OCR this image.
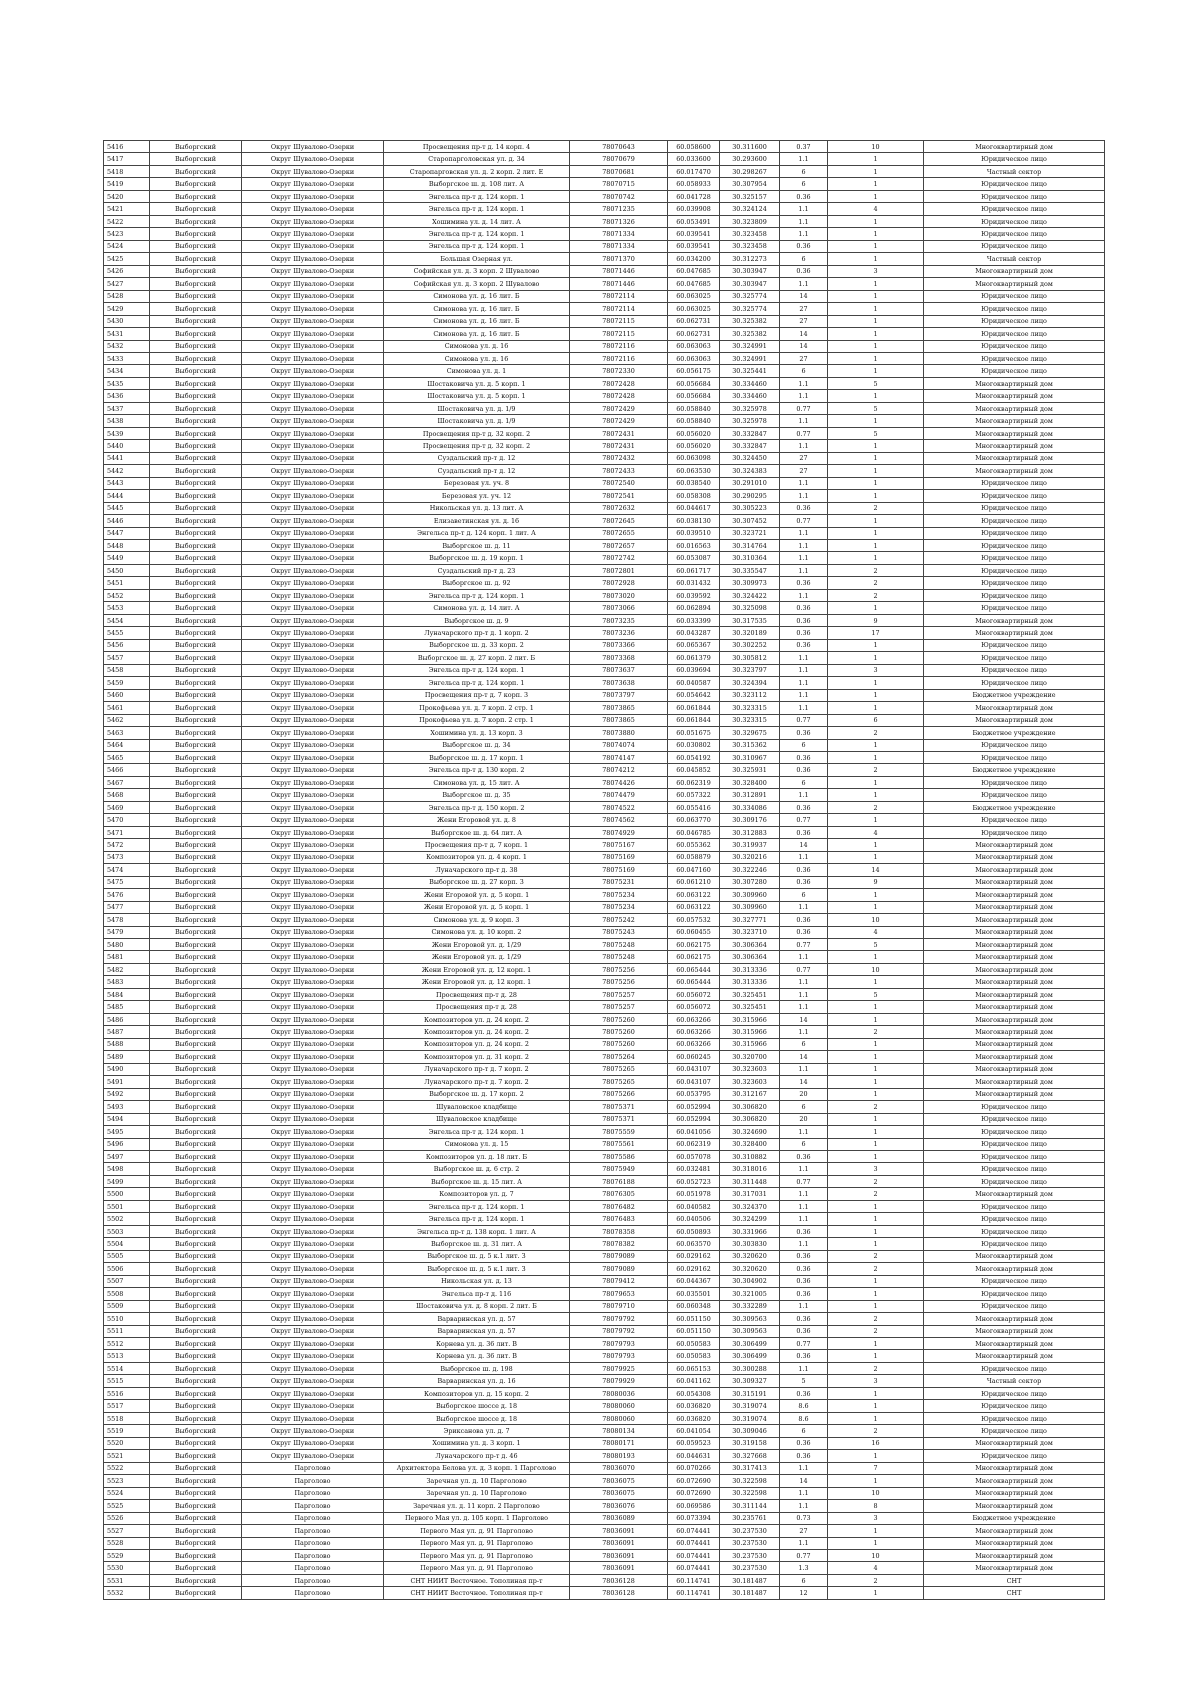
5416	Выборгский	Округ Шувалово-Озерки	Просвещения пр-т д. 14 корп. 4	78070643	60.058600	30.311600	0.37	10	Многоквартирный дом
5417	Выборгский	Округ Шувалово-Озерки	Старопарголовская ул. д. 34	78070679	60.033600	30.293600	1.1	1	Юридическое лицо
5418	Выборгский	Округ Шувалово-Озерки	Старопарговская ул. д. 2 корп. 2 лит. Е	78070681	60.017470	30.298267	6	1	Частный сектор
5419	Выборгский	Округ Шувалово-Озерки	Выборгское ш. д. 108 лит. А	78070715	60.058933	30.307954	6	1	Юридическое лицо
5420	Выборгский	Округ Шувалово-Озерки	Энгельса пр-т д. 124 корп. 1	78070742	60.041728	30.325157	0.36	1	Юридическое лицо
5421	Выборгский	Округ Шувалово-Озерки	Энгельса пр-т д. 124 корп. 1	78071235	60.039908	30.324124	1.1	4	Юридическое лицо
5422	Выборгский	Округ Шувалово-Озерки	Хошимина ул. д. 14 лит. А	78071326	60.053491	30.323809	1.1	1	Юридическое лицо
5423	Выборгский	Округ Шувалово-Озерки	Энгельса пр-т д. 124 корп. 1	78071334	60.039541	30.323458	1.1	1	Юридическое лицо
5424	Выборгский	Округ Шувалово-Озерки	Энгельса пр-т д. 124 корп. 1	78071334	60.039541	30.323458	0.36	1	Юридическое лицо
5425	Выборгский	Округ Шувалово-Озерки	Большая Озерная ул.	78071370	60.034200	30.312273	6	1	Частный сектор
5426	Выборгский	Округ Шувалово-Озерки	Софийская ул. д. 3 корп. 2 Шувалово	78071446	60.047685	30.303947	0.36	3	Многоквартирный дом
5427	Выборгский	Округ Шувалово-Озерки	Софийская ул. д. 3 корп. 2 Шувалово	78071446	60.047685	30.303947	1.1	1	Многоквартирный дом
5428	Выборгский	Округ Шувалово-Озерки	Симонова ул. д. 16 лит. Б	78072114	60.063025	30.325774	14	1	Юридическое лицо
5429	Выборгский	Округ Шувалово-Озерки	Симонова ул. д. 16 лит. Б	78072114	60.063025	30.325774	27	1	Юридическое лицо
5430	Выборгский	Округ Шувалово-Озерки	Симонова ул. д. 16 лит. Б	78072115	60.062731	30.325382	27	1	Юридическое лицо
5431	Выборгский	Округ Шувалово-Озерки	Симонова ул. д. 16 лит. Б	78072115	60.062731	30.325382	14	1	Юридическое лицо
5432	Выборгский	Округ Шувалово-Озерки	Симонова ул. д. 16	78072116	60.063063	30.324991	14	1	Юридическое лицо
5433	Выборгский	Округ Шувалово-Озерки	Симонова ул. д. 16	78072116	60.063063	30.324991	27	1	Юридическое лицо
5434	Выборгский	Округ Шувалово-Озерки	Симонова ул. д. 1	78072330	60.056175	30.325441	6	1	Юридическое лицо
5435	Выборгский	Округ Шувалово-Озерки	Шостаковича ул. д. 5 корп. 1	78072428	60.056684	30.334460	1.1	5	Многоквартирный дом
5436	Выборгский	Округ Шувалово-Озерки	Шостаковича ул. д. 5 корп. 1	78072428	60.056684	30.334460	1.1	1	Многоквартирный дом
5437	Выборгский	Округ Шувалово-Озерки	Шостаковича ул. д. 1/9	78072429	60.058840	30.325978	0.77	5	Многоквартирный дом
5438	Выборгский	Округ Шувалово-Озерки	Шостаковича ул. д. 1/9	78072429	60.058840	30.325978	1.1	1	Многоквартирный дом
5439	Выборгский	Округ Шувалово-Озерки	Просвещения пр-т д. 32 корп. 2	78072431	60.056020	30.332847	0.77	5	Многоквартирный дом
5440	Выборгский	Округ Шувалово-Озерки	Просвещения пр-т д. 32 корп. 2	78072431	60.056020	30.332847	1.1	1	Многоквартирный дом
5441	Выборгский	Округ Шувалово-Озерки	Суздальский пр-т д. 12	78072432	60.063098	30.324450	27	1	Многоквартирный дом
5442	Выборгский	Округ Шувалово-Озерки	Суздальский пр-т д. 12	78072433	60.063530	30.324383	27	1	Многоквартирный дом
5443	Выборгский	Округ Шувалово-Озерки	Березовая ул. уч. 8	78072540	60.038540	30.291010	1.1	1	Юридическое лицо
5444	Выборгский	Округ Шувалово-Озерки	Березовая ул. уч. 12	78072541	60.058308	30.290295	1.1	1	Юридическое лицо
5445	Выборгский	Округ Шувалово-Озерки	Никольская ул. д. 13 лит. А	78072632	60.044617	30.305223	0.36	2	Юридическое лицо
5446	Выборгский	Округ Шувалово-Озерки	Елизаветинская ул. д. 16	78072645	60.038130	30.307452	0.77	1	Юридическое лицо
5447	Выборгский	Округ Шувалово-Озерки	Энгельса пр-т д. 124 корп. 1 лит. А	78072655	60.039510	30.323721	1.1	1	Юридическое лицо
5448	Выборгский	Округ Шувалово-Озерки	Выборгское ш. д. 11	78072657	60.016563	30.314764	1.1	1	Юридическое лицо
5449	Выборгский	Округ Шувалово-Озерки	Выборгское ш. д. 19 корп. 1	78072742	60.053087	30.310364	1.1	1	Юридическое лицо
5450	Выборгский	Округ Шувалово-Озерки	Суздальский пр-т д. 23	78072801	60.061717	30.335547	1.1	2	Юридическое лицо
5451	Выборгский	Округ Шувалово-Озерки	Выборгское ш. д. 92	78072928	60.031432	30.309973	0.36	2	Юридическое лицо
5452	Выборгский	Округ Шувалово-Озерки	Энгельса пр-т д. 124 корп. 1	78073020	60.039592	30.324422	1.1	2	Юридическое лицо
5453	Выборгский	Округ Шувалово-Озерки	Симонова ул. д. 14 лит. А	78073066	60.062894	30.325098	0.36	1	Юридическое лицо
5454	Выборгский	Округ Шувалово-Озерки	Выборгское ш. д. 9	78073235	60.033399	30.317535	0.36	9	Многоквартирный дом
5455	Выборгский	Округ Шувалово-Озерки	Луначарского пр-т д. 1 корп. 2	78073236	60.043287	30.320189	0.36	17	Многоквартирный дом
5456	Выборгский	Округ Шувалово-Озерки	Выборгское ш. д. 33 корп. 2	78073366	60.065367	30.302252	0.36	1	Юридическое лицо
5457	Выборгский	Округ Шувалово-Озерки	Выборгское ш. д. 27 корп. 2 лит. Б	78073368	60.061379	30.305812	1.1	1	Юридическое лицо
5458	Выборгский	Округ Шувалово-Озерки	Энгельса пр-т д. 124 корп. 1	78073637	60.039694	30.323797	1.1	3	Юридическое лицо
5459	Выборгский	Округ Шувалово-Озерки	Энгельса пр-т д. 124 корп. 1	78073638	60.040587	30.324394	1.1	1	Юридическое лицо
5460	Выборгский	Округ Шувалово-Озерки	Просвещения пр-т д. 7 корп. 3	78073797	60.054642	30.323112	1.1	1	Бюджетное учреждение
5461	Выборгский	Округ Шувалово-Озерки	Прокофьева ул. д. 7 корп. 2 стр. 1	78073865	60.061844	30.323315	1.1	1	Многоквартирный дом
5462	Выборгский	Округ Шувалово-Озерки	Прокофьева ул. д. 7 корп. 2 стр. 1	78073865	60.061844	30.323315	0.77	6	Многоквартирный дом
5463	Выборгский	Округ Шувалово-Озерки	Хошимина ул. д. 13 корп. 3	78073880	60.051675	30.329675	0.36	2	Бюджетное учреждение
5464	Выборгский	Округ Шувалово-Озерки	Выборгское ш. д. 34	78074074	60.030802	30.315362	6	1	Юридическое лицо
5465	Выборгский	Округ Шувалово-Озерки	Выборгское ш. д. 17 корп. 1	78074147	60.054192	30.310967	0.36	1	Юридическое лицо
5466	Выборгский	Округ Шувалово-Озерки	Энгельса пр-т д. 130 корп. 2	78074212	60.045852	30.325931	0.36	2	Бюджетное учреждение
5467	Выборгский	Округ Шувалово-Озерки	Симонова ул. д. 15 лит. А	78074426	60.062319	30.328400	6	1	Юридическое лицо
5468	Выборгский	Округ Шувалово-Озерки	Выборгское ш. д. 35	78074479	60.057322	30.312891	1.1	1	Юридическое лицо
5469	Выборгский	Округ Шувалово-Озерки	Энгельса пр-т д. 150 корп. 2	78074522	60.055416	30.334086	0.36	2	Бюджетное учреждение
5470	Выборгский	Округ Шувалово-Озерки	Жени Егоровой ул. д. 8	78074562	60.063770	30.309176	0.77	1	Юридическое лицо
5471	Выборгский	Округ Шувалово-Озерки	Выборгское ш. д. 64 лит. А	78074929	60.046785	30.312883	0.36	4	Юридическое лицо
5472	Выборгский	Округ Шувалово-Озерки	Просвещения пр-т д. 7 корп. 1	78075167	60.055362	30.319937	14	1	Многоквартирный дом
5473	Выборгский	Округ Шувалово-Озерки	Композиторов ул. д. 4 корп. 1	78075169	60.058879	30.320216	1.1	1	Многоквартирный дом
5474	Выборгский	Округ Шувалово-Озерки	Луначарского пр-т д. 38	78075169	60.047160	30.322246	0.36	14	Многоквартирный дом
5475	Выборгский	Округ Шувалово-Озерки	Выборгское ш. д. 27 корп. 3	78075231	60.061210	30.307280	0.36	9	Многоквартирный дом
5476	Выборгский	Округ Шувалово-Озерки	Жени Егоровой ул. д. 5 корп. 1	78075234	60.063122	30.309960	6	1	Многоквартирный дом
5477	Выборгский	Округ Шувалово-Озерки	Жени Егоровой ул. д. 5 корп. 1	78075234	60.063122	30.309960	1.1	1	Многоквартирный дом
5478	Выборгский	Округ Шувалово-Озерки	Симонова ул. д. 9 корп. 3	78075242	60.057532	30.327771	0.36	10	Многоквартирный дом
5479	Выборгский	Округ Шувалово-Озерки	Симонова ул. д. 10 корп. 2	78075243	60.060455	30.323710	0.36	4	Многоквартирный дом
5480	Выборгский	Округ Шувалово-Озерки	Жени Егоровой ул. д. 1/29	78075248	60.062175	30.306364	0.77	5	Многоквартирный дом
5481	Выборгский	Округ Шувалово-Озерки	Жени Егоровой ул. д. 1/29	78075248	60.062175	30.306364	1.1	1	Многоквартирный дом
5482	Выборгский	Округ Шувалово-Озерки	Жени Егоровой ул. д. 12 корп. 1	78075256	60.065444	30.313336	0.77	10	Многоквартирный дом
5483	Выборгский	Округ Шувалово-Озерки	Жени Егоровой ул. д. 12 корп. 1	78075256	60.065444	30.313336	1.1	1	Многоквартирный дом
5484	Выборгский	Округ Шувалово-Озерки	Просвещения пр-т д. 28	78075257	60.056072	30.325451	1.1	5	Многоквартирный дом
5485	Выборгский	Округ Шувалово-Озерки	Просвещения пр-т д. 28	78075257	60.056072	30.325451	1.1	1	Многоквартирный дом
5486	Выборгский	Округ Шувалово-Озерки	Композиторов ул. д. 24 корп. 2	78075260	60.063266	30.315966	14	1	Многоквартирный дом
5487	Выборгский	Округ Шувалово-Озерки	Композиторов ул. д. 24 корп. 2	78075260	60.063266	30.315966	1.1	2	Многоквартирный дом
5488	Выборгский	Округ Шувалово-Озерки	Композиторов ул. д. 24 корп. 2	78075260	60.063266	30.315966	6	1	Многоквартирный дом
5489	Выборгский	Округ Шувалово-Озерки	Композиторов ул. д. 31 корп. 2	78075264	60.060245	30.320700	14	1	Многоквартирный дом
5490	Выборгский	Округ Шувалово-Озерки	Луначарского пр-т д. 7 корп. 2	78075265	60.043107	30.323603	1.1	1	Многоквартирный дом
5491	Выборгский	Округ Шувалово-Озерки	Луначарского пр-т д. 7 корп. 2	78075265	60.043107	30.323603	14	1	Многоквартирный дом
5492	Выборгский	Округ Шувалово-Озерки	Выборгское ш. д. 17 корп. 2	78075266	60.053795	30.312167	20	1	Многоквартирный дом
5493	Выборгский	Округ Шувалово-Озерки	Шуваловское кладбище	78075371	60.052994	30.306820	6	2	Юридическое лицо
5494	Выборгский	Округ Шувалово-Озерки	Шуваловское кладбище	78075371	60.052994	30.306820	20	1	Юридическое лицо
5495	Выборгский	Округ Шувалово-Озерки	Энгельса пр-т д. 124 корп. 1	78075559	60.041056	30.324690	1.1	1	Юридическое лицо
5496	Выборгский	Округ Шувалово-Озерки	Симонова ул. д. 15	78075561	60.062319	30.328400	6	1	Юридическое лицо
5497	Выборгский	Округ Шувалово-Озерки	Композиторов ул. д. 18 лит. Б	78075586	60.057078	30.310882	0.36	1	Юридическое лицо
5498	Выборгский	Округ Шувалово-Озерки	Выборгское ш. д. 6 стр. 2	78075949	60.032481	30.318016	1.1	3	Юридическое лицо
5499	Выборгский	Округ Шувалово-Озерки	Выборгское ш. д. 15 лит. А	78076188	60.052723	30.311448	0.77	2	Юридическое лицо
5500	Выборгский	Округ Шувалово-Озерки	Композиторов ул. д. 7	78076305	60.051978	30.317031	1.1	2	Многоквартирный дом
5501	Выборгский	Округ Шувалово-Озерки	Энгельса пр-т д. 124 корп. 1	78076482	60.040582	30.324370	1.1	1	Юридическое лицо
5502	Выборгский	Округ Шувалово-Озерки	Энгельса пр-т д. 124 корп. 1	78076483	60.040506	30.324299	1.1	1	Юридическое лицо
5503	Выборгский	Округ Шувалово-Озерки	Энгельса пр-т д. 138 корп. 1 лит. А	78078358	60.050893	30.331966	0.36	1	Юридическое лицо
5504	Выборгский	Округ Шувалово-Озерки	Выборгское ш. д. 31 лит. А	78078382	60.063570	30.303830	1.1	1	Юридическое лицо
5505	Выборгский	Округ Шувалово-Озерки	Выборгское ш. д. 5 к.1 лит. З	78079089	60.029162	30.320620	0.36	2	Многоквартирный дом
5506	Выборгский	Округ Шувалово-Озерки	Выборгское ш. д. 5 к.1 лит. З	78079089	60.029162	30.320620	0.36	2	Многоквартирный дом
5507	Выборгский	Округ Шувалово-Озерки	Никольская ул. д. 13	78079412	60.044367	30.304902	0.36	1	Юридическое лицо
5508	Выборгский	Округ Шувалово-Озерки	Энгельса пр-т д. 116	78079653	60.035501	30.321005	0.36	1	Юридическое лицо
5509	Выборгский	Округ Шувалово-Озерки	Шостаковича ул. д. 8 корп. 2 лит. Б	78079710	60.060348	30.332289	1.1	1	Юридическое лицо
5510	Выборгский	Округ Шувалово-Озерки	Варваринская ул. д. 57	78079792	60.051150	30.309563	0.36	2	Многоквартирный дом
5511	Выборгский	Округ Шувалово-Озерки	Варваринская ул. д. 57	78079792	60.051150	30.309563	0.36	2	Многоквартирный дом
5512	Выборгский	Округ Шувалово-Озерки	Корнева ул. д. 36 лит. В	78079793	60.050583	30.306499	0.77	1	Многоквартирный дом
5513	Выборгский	Округ Шувалово-Озерки	Корнева ул. д. 36 лит. В	78079793	60.050583	30.306499	0.36	1	Многоквартирный дом
5514	Выборгский	Округ Шувалово-Озерки	Выборгское ш. д. 198	78079925	60.065153	30.300288	1.1	2	Юридическое лицо
5515	Выборгский	Округ Шувалово-Озерки	Варваринская ул. д. 16	78079929	60.041162	30.309327	5	3	Частный сектор
5516	Выборгский	Округ Шувалово-Озерки	Композиторов ул. д. 15 корп. 2	78080036	60.054308	30.315191	0.36	1	Юридическое лицо
5517	Выборгский	Округ Шувалово-Озерки	Выборгское шоссе д. 18	78080060	60.036820	30.319074	8.6	1	Юридическое лицо
5518	Выборгский	Округ Шувалово-Озерки	Выборгское шоссе д. 18	78080060	60.036820	30.319074	8.6	1	Юридическое лицо
5519	Выборгский	Округ Шувалово-Озерки	Эриксанова ул. д. 7	78080134	60.041054	30.309046	6	2	Юридическое лицо
5520	Выборгский	Округ Шувалово-Озерки	Хошимина ул. д. 3 корп. 1	78080171	60.059523	30.319158	0.36	16	Многоквартирный дом
5521	Выборгский	Округ Шувалово-Озерки	Луначарского пр-т д. 46	78080193	60.044631	30.327668	0.36	1	Юридическое лицо
5522	Выборгский	Парголово	Архитектора Белова ул. д. 3 корп. 1 Парголово	78036070	60.070266	30.317413	1.1	7	Многоквартирный дом
5523	Выборгский	Парголово	Заречная ул. д. 10 Парголово	78036075	60.072690	30.322598	14	1	Многоквартирный дом
5524	Выборгский	Парголово	Заречная ул. д. 10 Парголово	78036075	60.072690	30.322598	1.1	10	Многоквартирный дом
5525	Выборгский	Парголово	Заречная ул. д. 11 корп. 2 Парголово	78036076	60.069586	30.311144	1.1	8	Многоквартирный дом
5526	Выборгский	Парголово	Первого Мая ул. д. 105 корп. 1 Парголово	78036089	60.073394	30.235761	0.73	3	Бюджетное учреждение
5527	Выборгский	Парголово	Первого Мая ул. д. 91 Парголово	78036091	60.074441	30.237530	27	1	Многоквартирный дом
5528	Выборгский	Парголово	Первого Мая ул. д. 91 Парголово	78036091	60.074441	30.237530	1.1	1	Многоквартирный дом
5529	Выборгский	Парголово	Первого Мая ул. д. 91 Парголово	78036091	60.074441	30.237530	0.77	10	Многоквартирный дом
5530	Выборгский	Парголово	Первого Мая ул. д. 91 Парголово	78036091	60.074441	30.237530	1.3	4	Многоквартирный дом
5531	Выборгский	Парголово	СНТ НИИТ Весточное. Тополиная пр-т	78036128	60.114741	30.181487	6	2	СНТ
5532	Выборгский	Парголово	СНТ НИИТ Весточное. Тополиная пр-т	78036128	60.114741	30.181487	12	1	СНТ
